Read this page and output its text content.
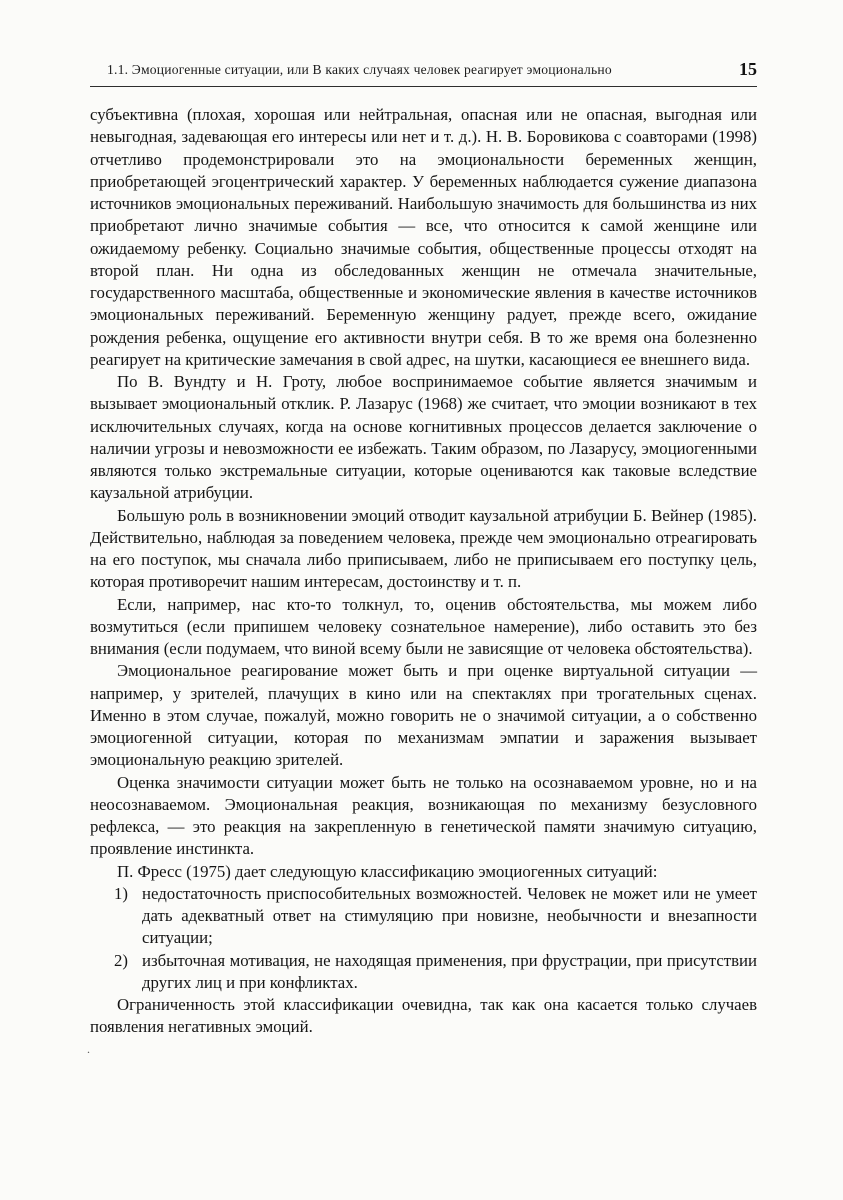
1.1. Эмоциогенные ситуации, или В каких случаях человек реагирует эмоционально	15

субъективна (плохая, хорошая или нейтральная, опасная или не опасная, выгодная или невыгодная, задевающая его интересы или нет и т. д.). Н. В. Боровикова с соавторами (1998) отчетливо продемонстрировали это на эмоциональности беременных женщин, приобретающей эгоцентрический характер. У беременных наблюдается сужение диапазона источников эмоциональных переживаний. Наибольшую значимость для большинства из них приобретают лично значимые события — все, что относится к самой женщине или ожидаемому ребенку. Социально значимые события, общественные процессы отходят на второй план. Ни одна из обследованных женщин не отмечала значительные, государственного масштаба, общественные и экономические явления в качестве источников эмоциональных переживаний. Беременную женщину радует, прежде всего, ожидание рождения ребенка, ощущение его активности внутри себя. В то же время она болезненно реагирует на критические замечания в свой адрес, на шутки, касающиеся ее внешнего вида.

По В. Вундту и Н. Гроту, любое воспринимаемое событие является значимым и вызывает эмоциональный отклик. Р. Лазарус (1968) же считает, что эмоции возникают в тех исключительных случаях, когда на основе когнитивных процессов делается заключение о наличии угрозы и невозможности ее избежать. Таким образом, по Лазарусу, эмоциогенными являются только экстремальные ситуации, которые оцениваются как таковые вследствие каузальной атрибуции.

Большую роль в возникновении эмоций отводит каузальной атрибуции Б. Вейнер (1985). Действительно, наблюдая за поведением человека, прежде чем эмоционально отреагировать на его поступок, мы сначала либо приписываем, либо не приписываем его поступку цель, которая противоречит нашим интересам, достоинству и т. п.

Если, например, нас кто-то толкнул, то, оценив обстоятельства, мы можем либо возмутиться (если припишем человеку сознательное намерение), либо оставить это без внимания (если подумаем, что виной всему были не зависящие от человека обстоятельства).

Эмоциональное реагирование может быть и при оценке виртуальной ситуации — например, у зрителей, плачущих в кино или на спектаклях при трогательных сценах. Именно в этом случае, пожалуй, можно говорить не о значимой ситуации, а о собственно эмоциогенной ситуации, которая по механизмам эмпатии и заражения вызывает эмоциональную реакцию зрителей.

Оценка значимости ситуации может быть не только на осознаваемом уровне, но и на неосознаваемом. Эмоциональная реакция, возникающая по механизму безусловного рефлекса, — это реакция на закрепленную в генетической памяти значимую ситуацию, проявление инстинкта.

П. Фресс (1975) дает следующую классификацию эмоциогенных ситуаций:

1) недостаточность приспособительных возможностей. Человек не может или не умеет дать адекватный ответ на стимуляцию при новизне, необычности и внезапности ситуации;
2) избыточная мотивация, не находящая применения, при фрустрации, при присутствии других лиц и при конфликтах.

Ограниченность этой классификации очевидна, так как она касается только случаев появления негативных эмоций.

.
